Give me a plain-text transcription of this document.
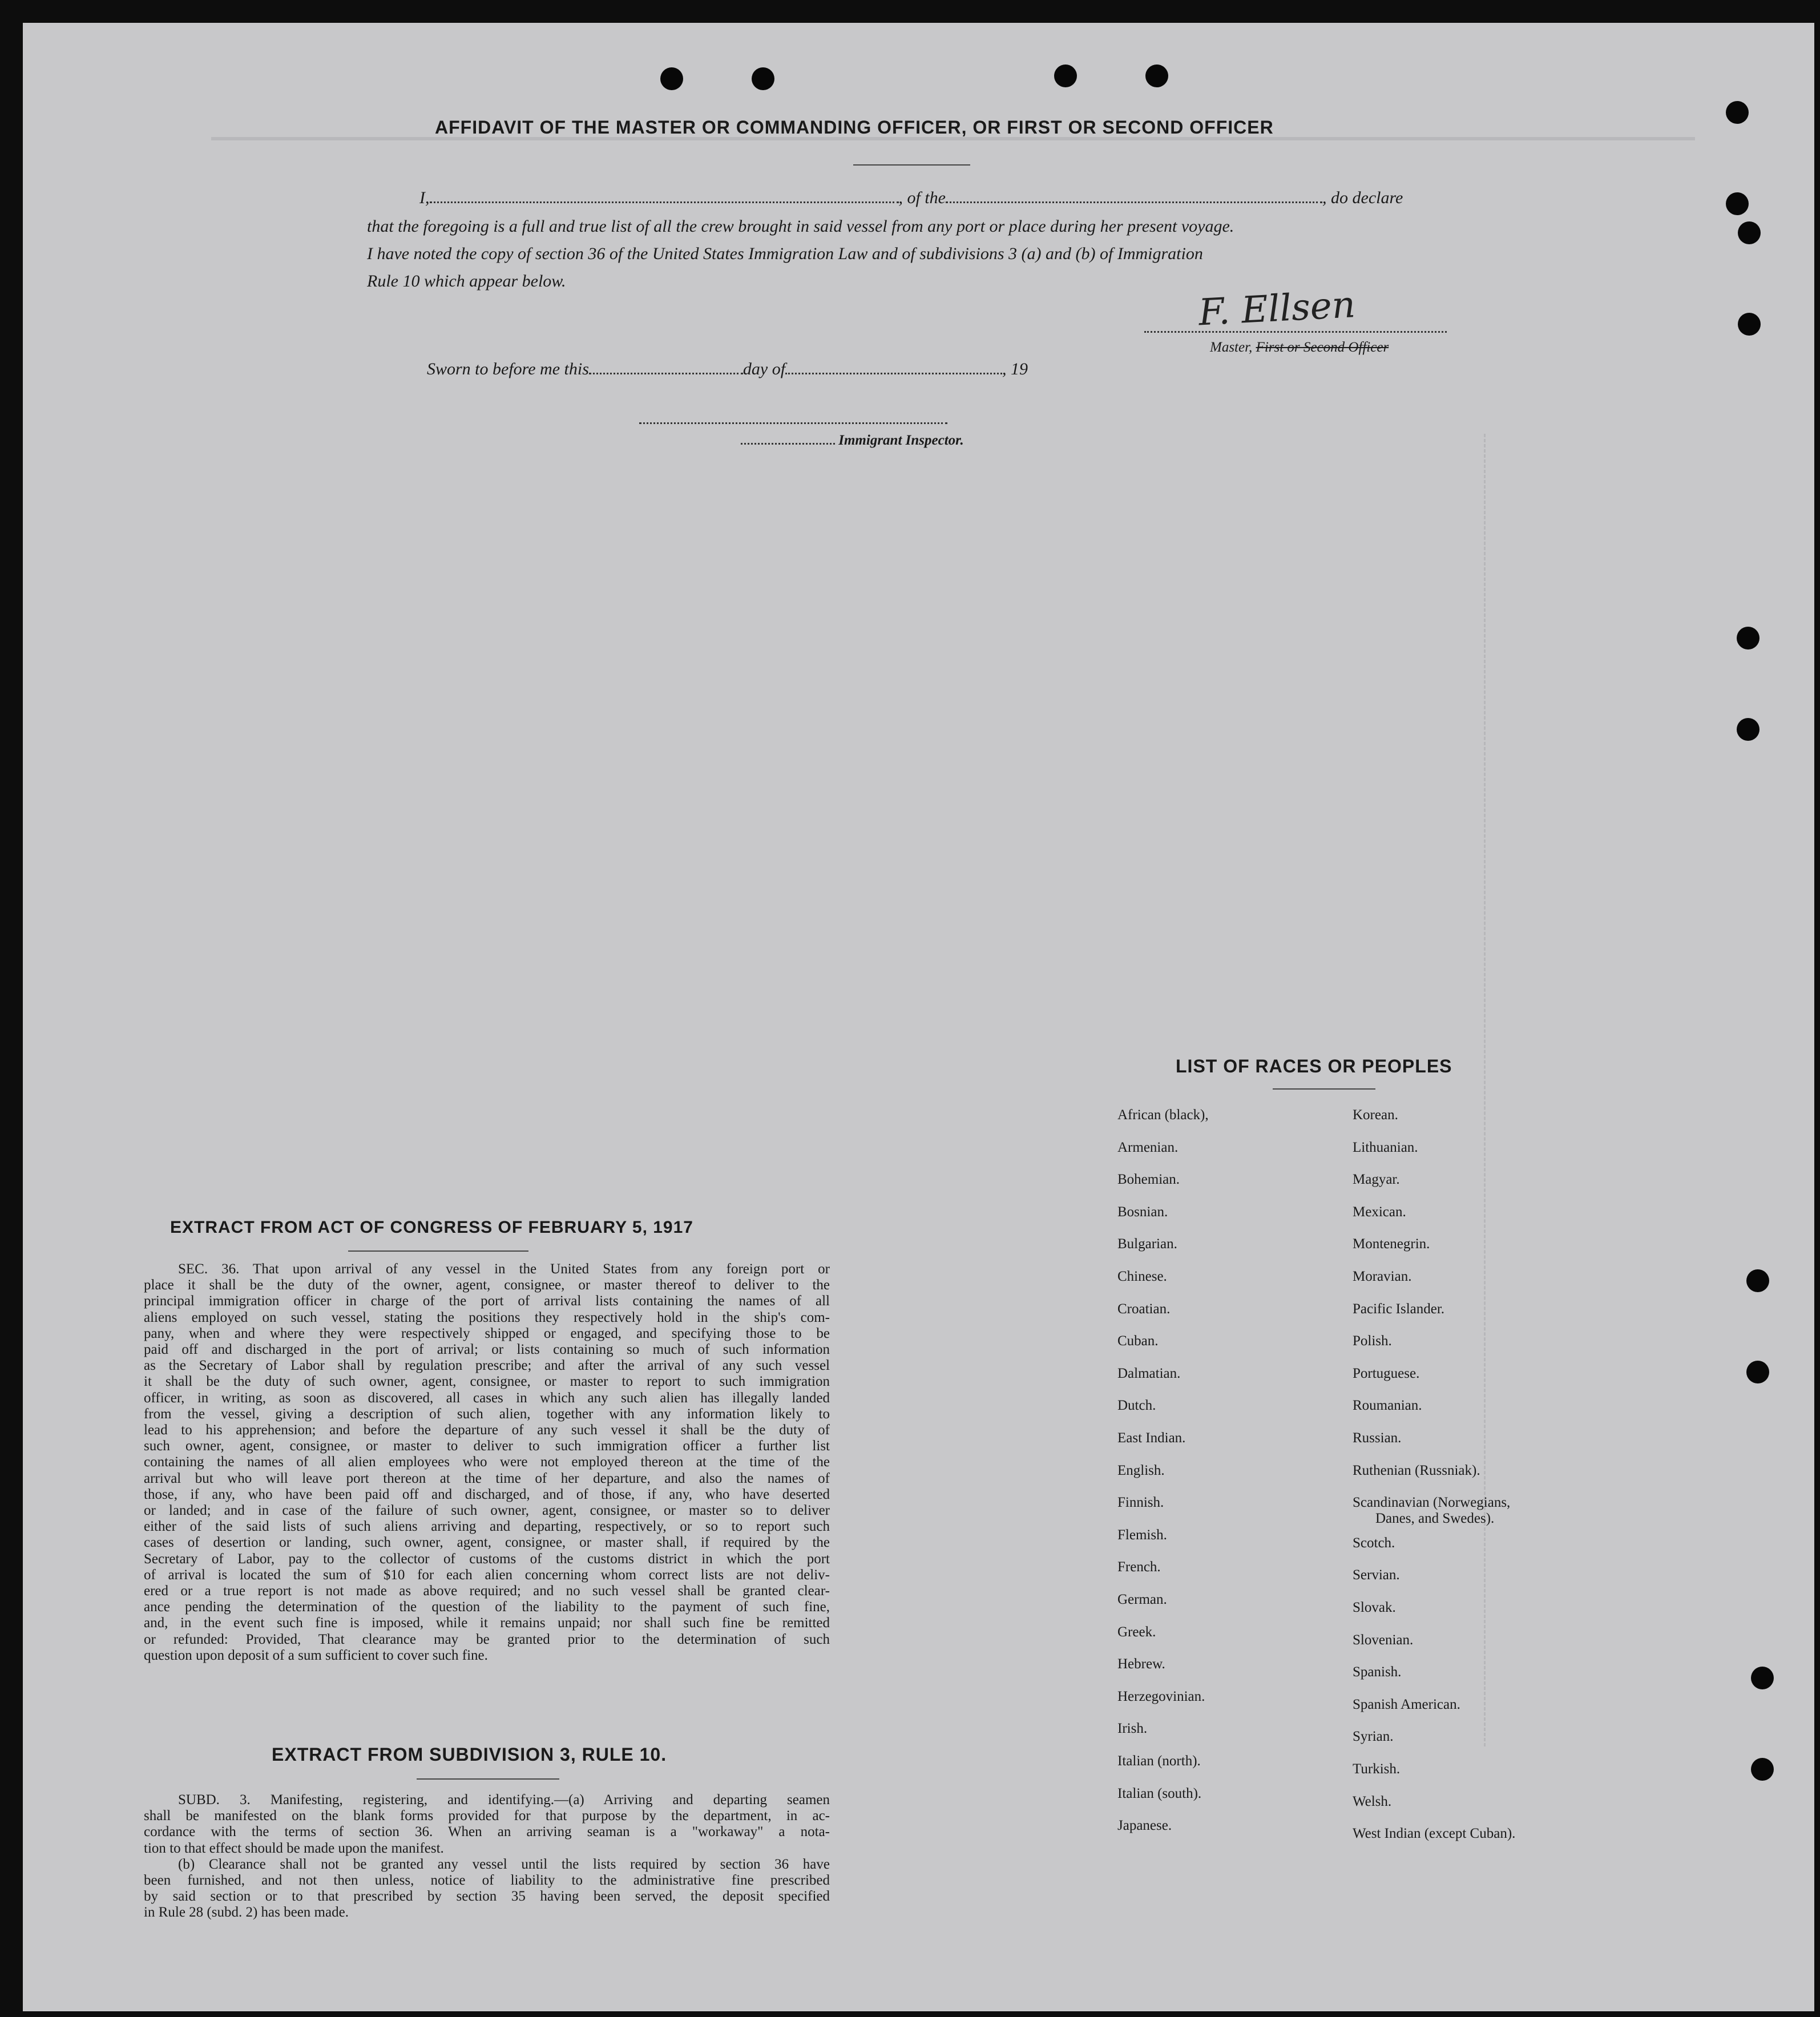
AFFIDAVIT OF THE MASTER OR COMMANDING OFFICER, OR FIRST OR SECOND OFFICER
I,	, of the	, do declare
that the foregoing is a full and true list of all the crew brought in said vessel from any port or place during her present voyage.
I have noted the copy of section 36 of the United States Immigration Law and of subdivisions 3 (a) and (b) of Immigration
Rule 10 which appear below.
F. Ellsen
Master, First or Second Officer
Sworn to before me this	day of	, 19
Immigrant Inspector.
EXTRACT FROM ACT OF CONGRESS OF FEBRUARY 5, 1917
SEC. 36. That upon arrival of any vessel in the United States from any foreign port or
place it shall be the duty of the owner, agent, consignee, or master thereof to deliver to the
principal immigration officer in charge of the port of arrival lists containing the names of all
aliens employed on such vessel, stating the positions they respectively hold in the ship's com-
pany, when and where they were respectively shipped or engaged, and specifying those to be
paid off and discharged in the port of arrival; or lists containing so much of such information
as the Secretary of Labor shall by regulation prescribe; and after the arrival of any such vessel
it shall be the duty of such owner, agent, consignee, or master to report to such immigration
officer, in writing, as soon as discovered, all cases in which any such alien has illegally landed
from the vessel, giving a description of such alien, together with any information likely to
lead to his apprehension; and before the departure of any such vessel it shall be the duty of
such owner, agent, consignee, or master to deliver to such immigration officer a further list
containing the names of all alien employees who were not employed thereon at the time of the
arrival but who will leave port thereon at the time of her departure, and also the names of
those, if any, who have been paid off and discharged, and of those, if any, who have deserted
or landed; and in case of the failure of such owner, agent, consignee, or master so to deliver
either of the said lists of such aliens arriving and departing, respectively, or so to report such
cases of desertion or landing, such owner, agent, consignee, or master shall, if required by the
Secretary of Labor, pay to the collector of customs of the customs district in which the port
of arrival is located the sum of $10 for each alien concerning whom correct lists are not deliv-
ered or a true report is not made as above required; and no such vessel shall be granted clear-
ance pending the determination of the question of the liability to the payment of such fine,
and, in the event such fine is imposed, while it remains unpaid; nor shall such fine be remitted
or refunded: Provided, That clearance may be granted prior to the determination of such
question upon deposit of a sum sufficient to cover such fine.
EXTRACT FROM SUBDIVISION 3, RULE 10.
SUBD. 3. Manifesting, registering, and identifying.—(a) Arriving and departing seamen
shall be manifested on the blank forms provided for that purpose by the department, in ac-
cordance with the terms of section 36. When an arriving seaman is a "workaway" a nota-
tion to that effect should be made upon the manifest.
(b) Clearance shall not be granted any vessel until the lists required by section 36 have
been furnished, and not then unless, notice of liability to the administrative fine prescribed
by said section or to that prescribed by section 35 having been served, the deposit specified
in Rule 28 (subd. 2) has been made.
LIST OF RACES OR PEOPLES
African (black),
Armenian.
Bohemian.
Bosnian.
Bulgarian.
Chinese.
Croatian.
Cuban.
Dalmatian.
Dutch.
East Indian.
English.
Finnish.
Flemish.
French.
German.
Greek.
Hebrew.
Herzegovinian.
Irish.
Italian (north).
Italian (south).
Japanese.
Korean.
Lithuanian.
Magyar.
Mexican.
Montenegrin.
Moravian.
Pacific Islander.
Polish.
Portuguese.
Roumanian.
Russian.
Ruthenian (Russniak).
Scandinavian (Norwegians,
Scotch.
Servian.
Slovak.
Slovenian.
Spanish.
Spanish American.
Syrian.
Turkish.
Welsh.
West Indian (except Cuban).
Danes, and Swedes).
